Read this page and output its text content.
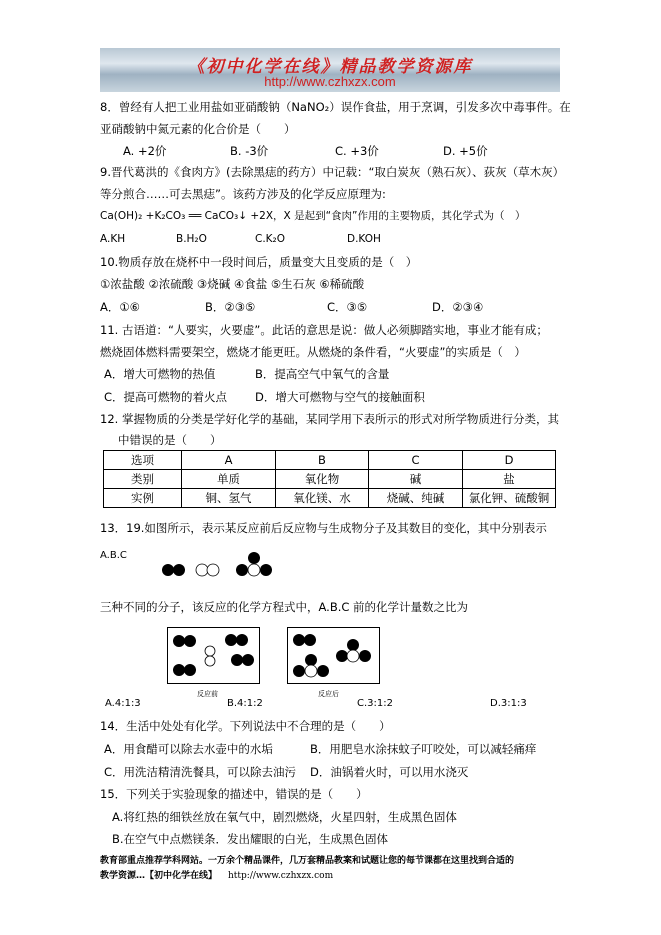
《初中化学在线》精品教学资源库
http://www.czhxzx.com
8．曾经有人把工业用盐如亚硝酸钠（NaNO₂）误作食盐，用于烹调，引发多次中毒事件。在
亚硝酸钠中氮元素的化合价是（　　）
A. +2价	B. -3价	C. +3价	D. +5价
9.晋代葛洪的《食肉方》(去除黑痣的药方）中记载：“取白炭灰（熟石灰）、荻灰（草木灰）
等分煎合……可去黑痣”。该药方涉及的化学反应原理为:
Ca(OH)₂ +K₂CO₃ ══ CaCO₃↓ +2X，X 是起到“食肉”作用的主要物质，其化学式为（　）
A.KH	B.H₂O	C.K₂O	D.KOH
10.物质存放在烧杯中一段时间后，质量变大且变质的是（　）
①浓盐酸 ②浓硫酸 ③烧碱 ④食盐 ⑤生石灰 ⑥稀硫酸
A．①⑥	B．②③⑤	C．③⑤	D．②③④
11. 古语道：“人要实，火要虚”。此话的意思是说：做人必须脚踏实地，事业才能有成；
燃烧固体燃料需要架空，燃烧才能更旺。从燃烧的条件看，“火要虚”的实质是（　）
A．增大可燃物的热值	B．提高空气中氧气的含量
C．提高可燃物的着火点 D．增大可燃物与空气的接触面积
12. 掌握物质的分类是学好化学的基础，某同学用下表所示的形式对所学物质进行分类，其
中错误的是（　　）
选项	A	B	C	D
类别	单质	氧化物	碱	盐
实例	铜、氢气	氧化镁、水	烧碱、纯碱	氯化钾、硫酸铜
13．19.如图所示，表示某反应前后反应物与生成物分子及其数目的变化，其中分别表示
A.B.C
三种不同的分子，该反应的化学方程式中，A.B.C 前的化学计量数之比为
反应前	反应后
A.4:1:3	B.4:1:2	C.3:1:2	D.3:1:3
14．生活中处处有化学。下列说法中不合理的是（　　）
A．用食醋可以除去水壶中的水垢	B．用肥皂水涂抹蚊子叮咬处，可以减轻痛痒
C．用洗洁精清洗餐具，可以除去油污 D．油锅着火时，可以用水浇灭
15．下列关于实验现象的描述中，错误的是（　　）
A.将红热的细铁丝放在氧气中，剧烈燃烧，火星四射，生成黑色固体
B.在空气中点燃镁条．发出耀眼的白光，生成黑色固体
教育部重点推荐学科网站。一万余个精品课件，几万套精品教案和试题让您的每节课都在这里找到合适的
教学资源…【初中化学在线】 http://www.czhxzx.com
